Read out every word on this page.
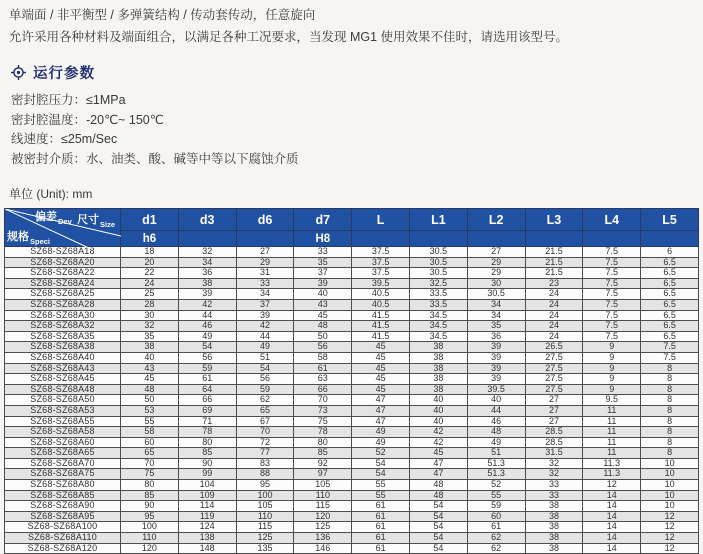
单端面 / 非平衡型 / 多弹簧结构 / 传动套传动，任意旋向
允许采用各种材料及端面组合，以满足各种工况要求，当发现 MG1 使用效果不佳时，请选用该型号。
运行参数
密封腔压力：≤1MPa
密封腔温度：-20℃~ 150℃
线速度：≤25m/Sec
被密封介质：水、油类、酸、碱等中等以下腐蚀介质
单位 (Unit): mm
偏差$_{Dev}$ 尺寸$_{Size}$
规格$_{Speci}$	d1	d3	d6	d7	L	L1	L2	L3	L4	L5
	h6			H8						
SZ68-SZ68A18	18	32	27	33	37.5	30.5	27	21.5	7.5	6
SZ68-SZ68A20	20	34	29	35	37.5	30.5	29	21.5	7.5	6.5
SZ68-SZ68A22	22	36	31	37	37.5	30.5	29	21.5	7.5	6.5
SZ68-SZ68A24	24	38	33	39	39.5	32.5	30	23	7.5	6.5
SZ68-SZ68A25	25	39	34	40	40.5	33.5	30.5	24	7.5	6.5
SZ68-SZ68A28	28	42	37	43	40.5	33.5	34	24	7.5	6.5
SZ68-SZ68A30	30	44	39	45	41.5	34.5	34	24	7.5	6.5
SZ68-SZ68A32	32	46	42	48	41.5	34.5	35	24	7.5	6.5
SZ68-SZ68A35	35	49	44	50	41.5	34.5	36	24	7.5	6.5
SZ68-SZ68A38	38	54	49	56	45	38	39	26.5	9	7.5
SZ68-SZ68A40	40	56	51	58	45	38	39	27.5	9	7.5
SZ68-SZ68A43	43	59	54	61	45	38	39	27.5	9	8
SZ68-SZ68A45	45	61	56	63	45	38	39	27.5	9	8
SZ68-SZ68A48	48	64	59	66	45	38	39.5	27.5	9	8
SZ68-SZ68A50	50	66	62	70	47	40	40	27	9.5	8
SZ68-SZ68A53	53	69	65	73	47	40	44	27	11	8
SZ68-SZ68A55	55	71	67	75	47	40	46	27	11	8
SZ68-SZ68A58	58	78	70	78	49	42	48	28.5	11	8
SZ68-SZ68A60	60	80	72	80	49	42	49	28.5	11	8
SZ68-SZ68A65	65	85	77	85	52	45	51	31.5	11	8
SZ68-SZ68A70	70	90	83	92	54	47	51.3	32	11.3	10
SZ68-SZ68A75	75	99	88	97	54	47	51.3	32	11.3	10
SZ68-SZ68A80	80	104	95	105	55	48	52	33	12	10
SZ68-SZ68A85	85	109	100	110	55	48	55	33	14	10
SZ68-SZ68A90	90	114	105	115	61	54	59	38	14	10
SZ68-SZ68A95	95	119	110	120	61	54	60	38	14	12
SZ68-SZ68A100	100	124	115	125	61	54	61	38	14	12
SZ68-SZ68A110	110	138	125	136	61	54	62	38	14	12
SZ68-SZ68A120	120	148	135	146	61	54	62	38	14	12
